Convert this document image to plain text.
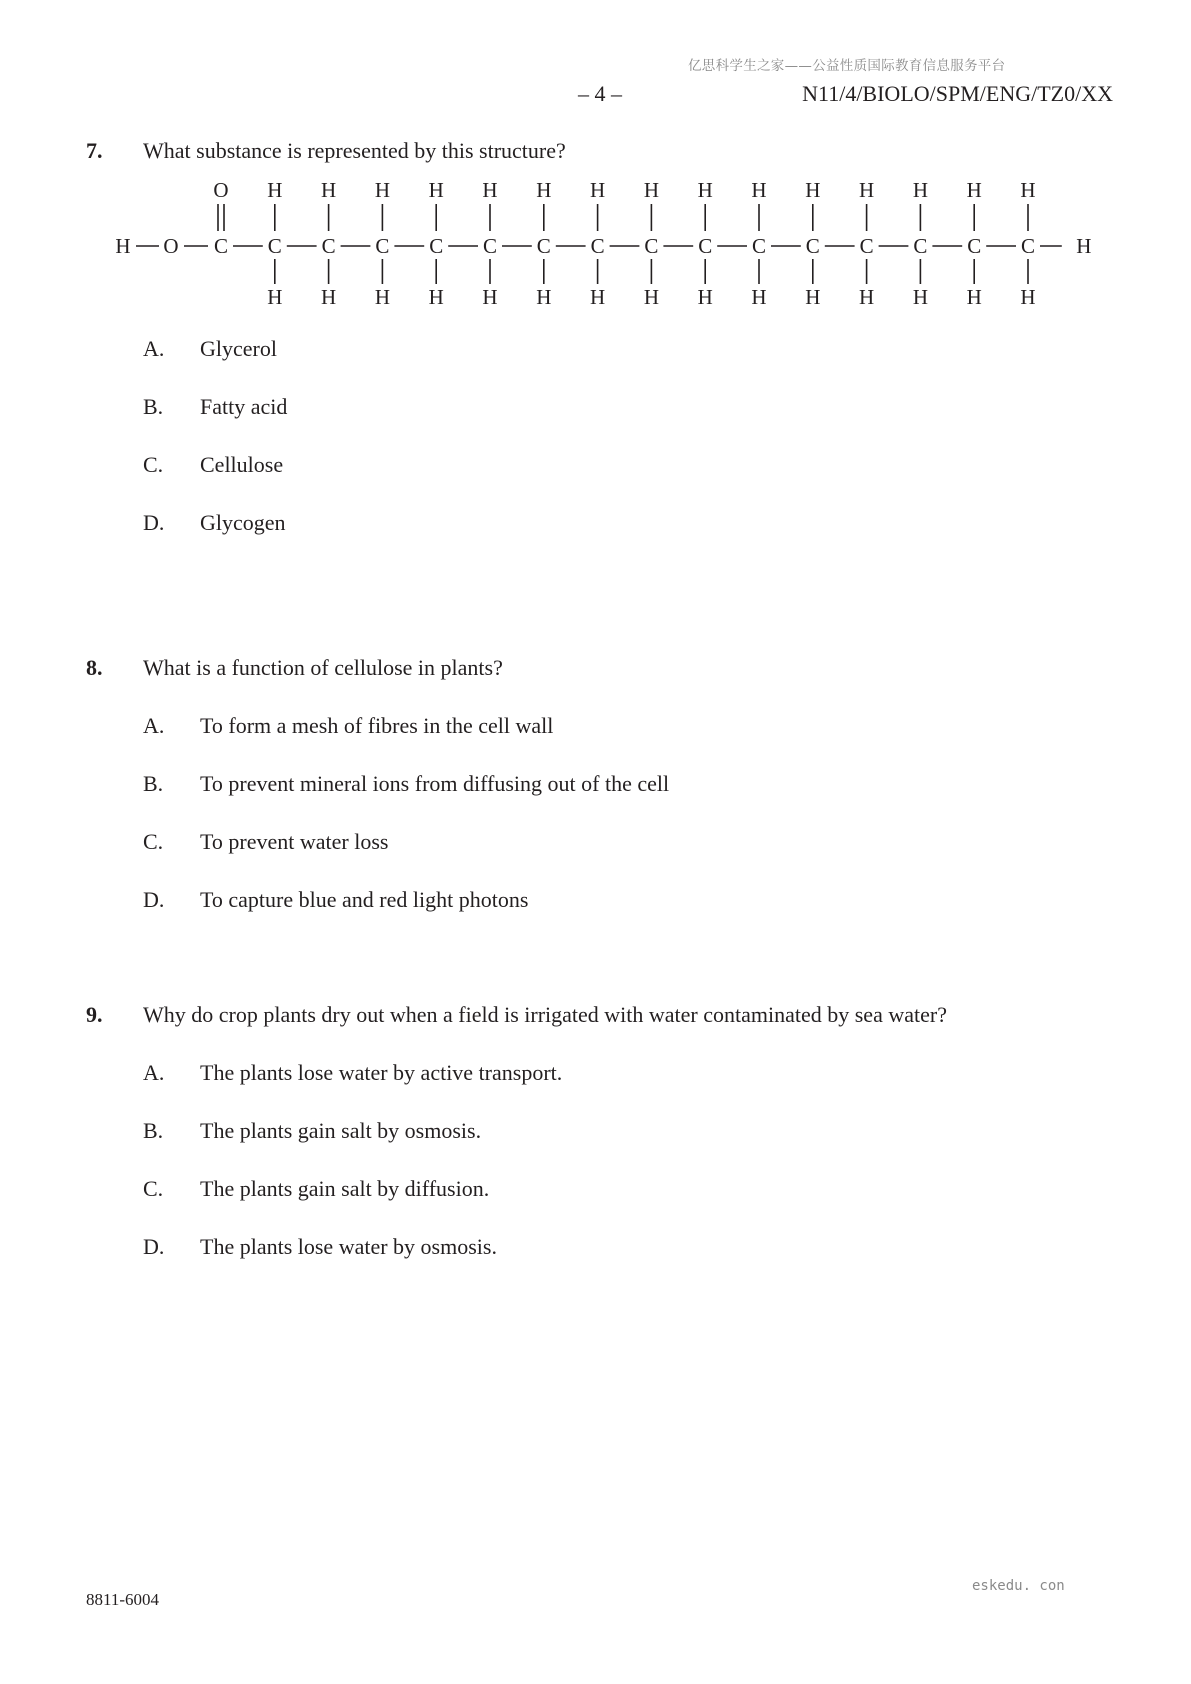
亿思科学生之家——公益性质国际教育信息服务平台
– 4 –	N11/4/BIOLO/SPM/ENG/TZ0/XX
7.	What substance is represented by this structure?
H O
O
C C
H
H
C
H
H
C
H
H
C
H
H
C
H
H
C
H
H
C
H
H
C
H
H
C
H
H
C
H
H
C
H
H
C
H
H
C
H
H
C
H
H
C
H
H
H
A.	Glycerol
B.	Fatty acid
C.	Cellulose
D.	Glycogen
8.	What is a function of cellulose in plants?
A.	To form a mesh of fibres in the cell wall
B.	To prevent mineral ions from diffusing out of the cell
C.	To prevent water loss
D.	To capture blue and red light photons
9.	Why do crop plants dry out when a field is irrigated with water contaminated by sea water?
A.	The plants lose water by active transport.
B.	The plants gain salt by osmosis.
C.	The plants gain salt by diffusion.
D.	The plants lose water by osmosis.
8811-6004
eskedu. con
